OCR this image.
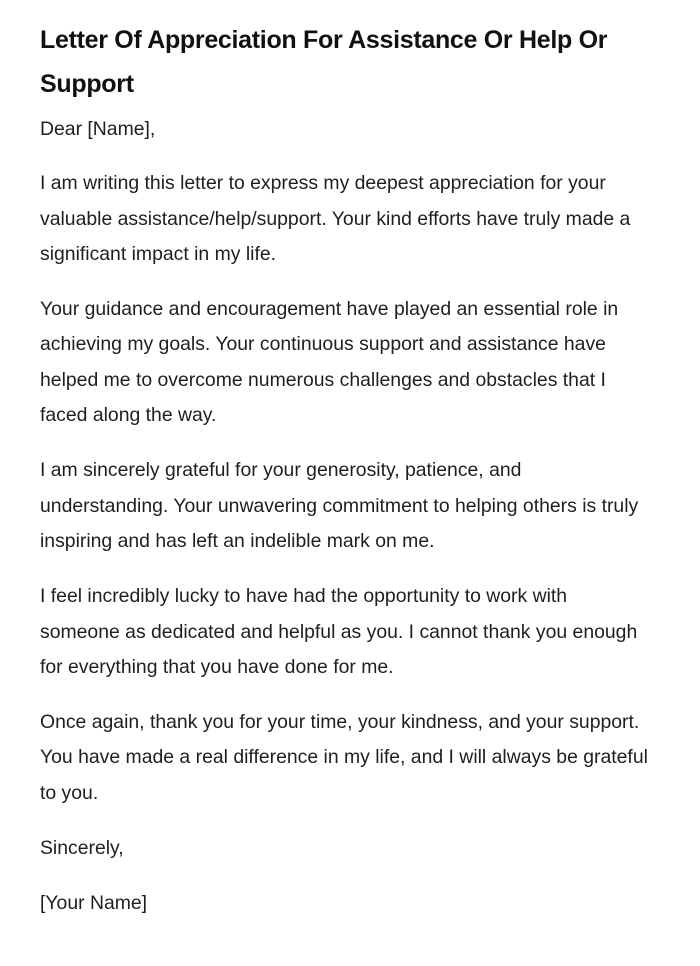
Letter Of Appreciation For Assistance Or Help Or Support

Dear [Name],

I am writing this letter to express my deepest appreciation for your valuable assistance/help/support. Your kind efforts have truly made a significant impact in my life.

Your guidance and encouragement have played an essential role in achieving my goals. Your continuous support and assistance have helped me to overcome numerous challenges and obstacles that I faced along the way.

I am sincerely grateful for your generosity, patience, and understanding. Your unwavering commitment to helping others is truly inspiring and has left an indelible mark on me.

I feel incredibly lucky to have had the opportunity to work with someone as dedicated and helpful as you. I cannot thank you enough for everything that you have done for me.

Once again, thank you for your time, your kindness, and your support. You have made a real difference in my life, and I will always be grateful to you.

Sincerely,

[Your Name]
